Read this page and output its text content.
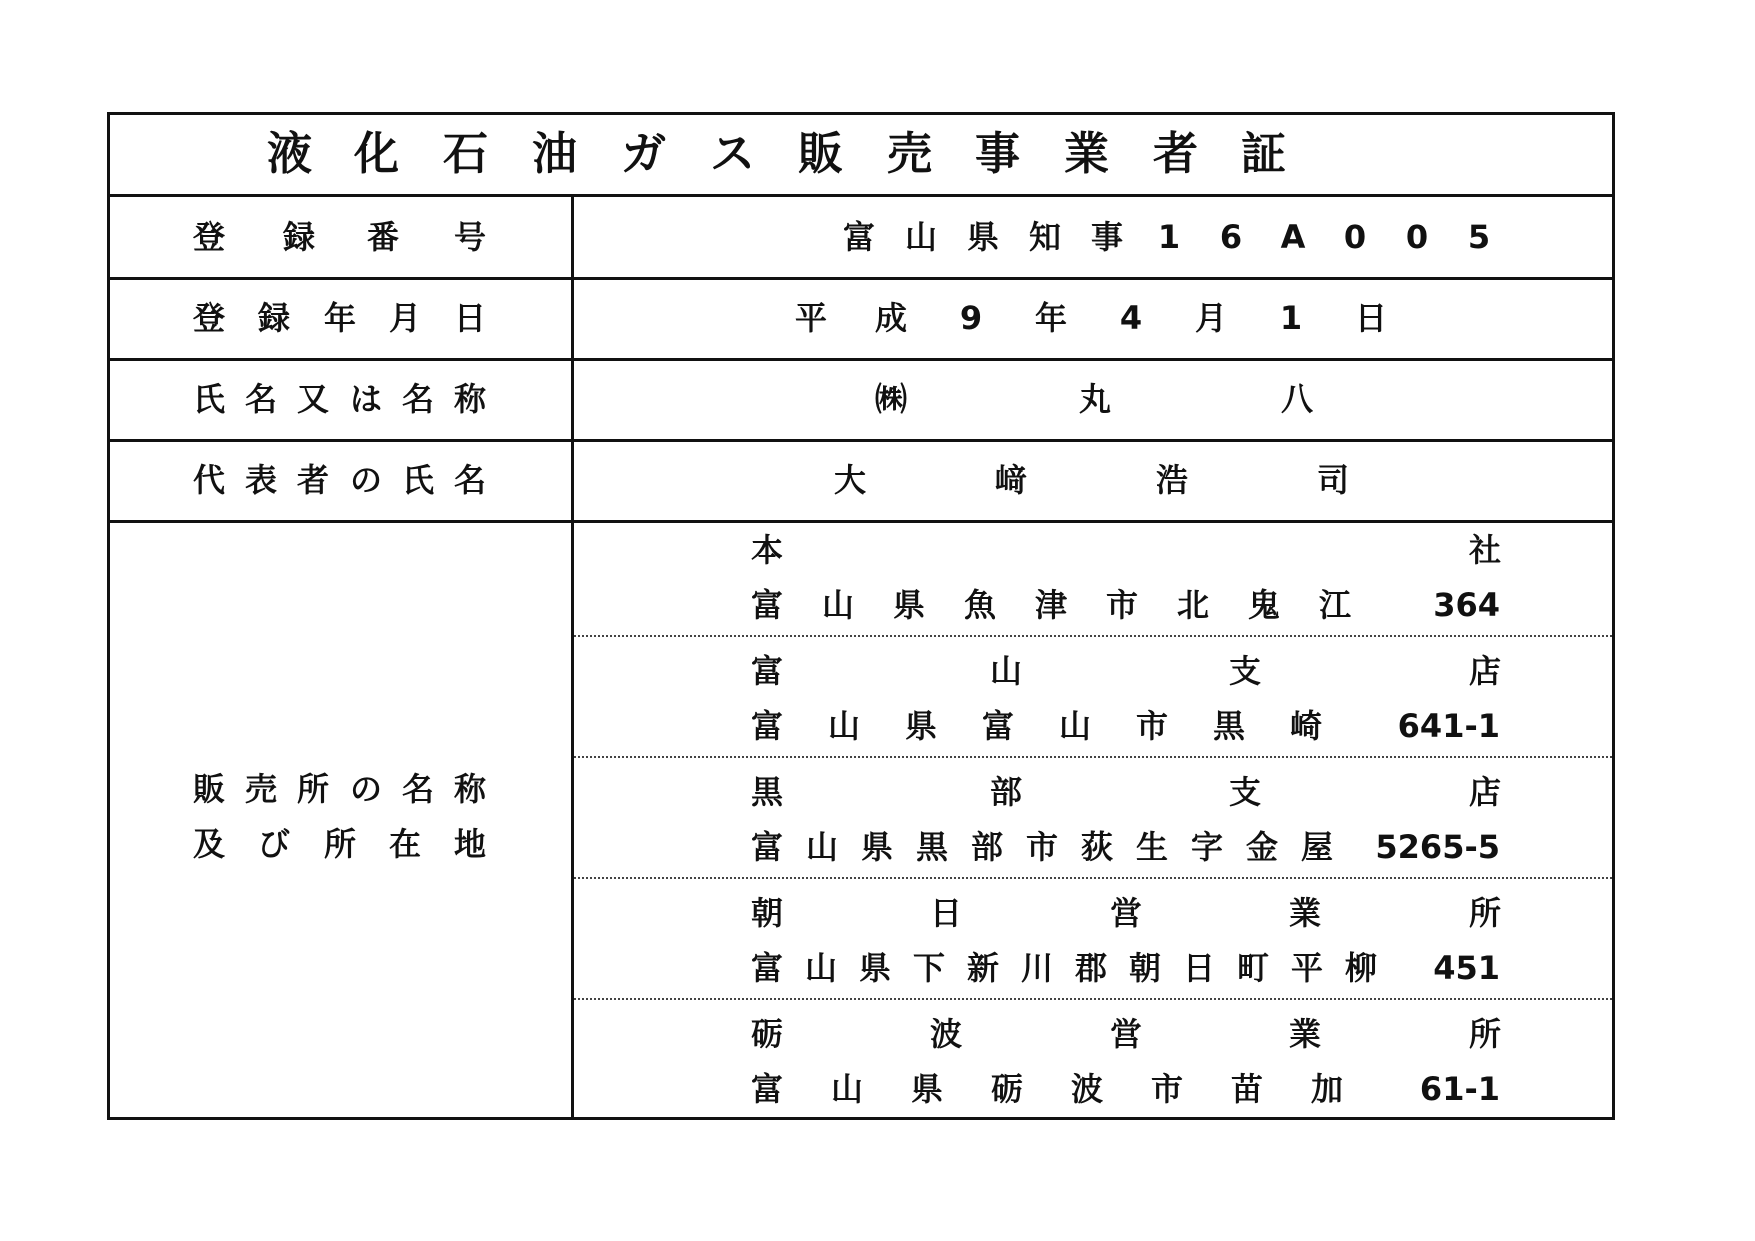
液 化 石 油 ガ ス 販 売 事 業 者 証
登 録 番 号	富 山 県 知 事 1 6 A 0 0 5
登 録 年 月 日	平 成 9 年 4 月 1 日
氏 名 又 は 名 称	㈱	丸	八
代 表 者 の 氏 名	大	﨑	浩	司
販 売 所 の 名 称
及 び 所 在 地
本	社
富 山 県 魚 津 市 北 鬼 江	364
富	山	支	店
富 山 県 富 山 市 黒 崎	641-1
黒	部	支	店
富 山 県 黒 部 市 荻 生 字 金 屋	5265-5
朝	日	営	業	所
富 山 県 下 新 川 郡 朝 日 町 平 柳	451
砺	波	営	業	所
富 山 県 砺 波 市 苗 加	61-1
